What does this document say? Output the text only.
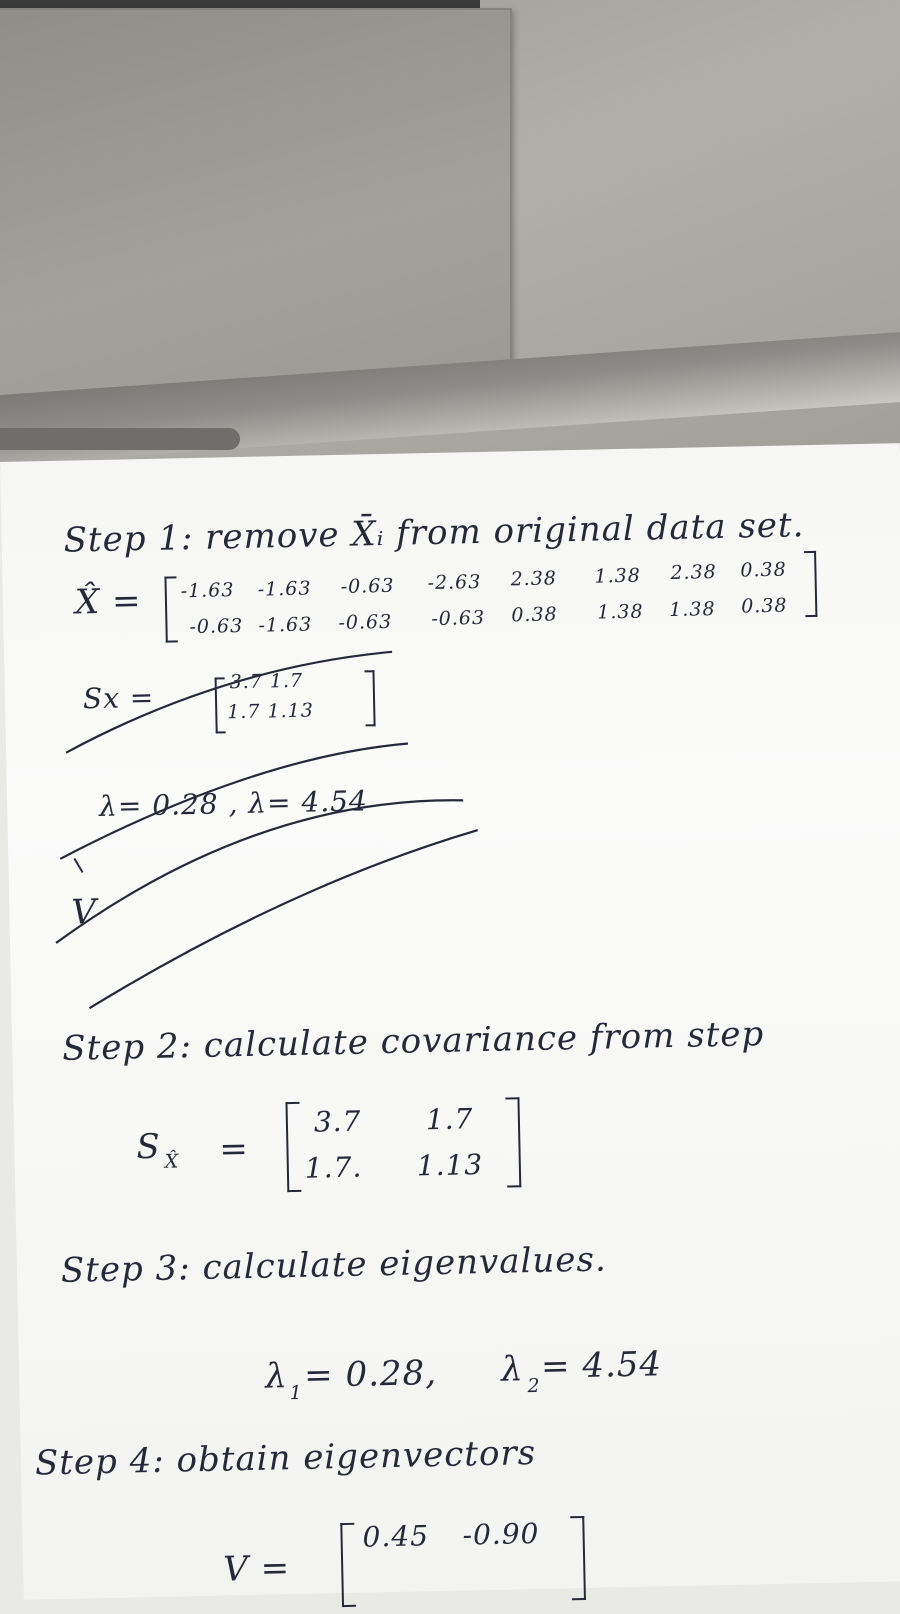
Step 1: remove X̄ᵢ from original data set.
X̂ = -1.63 -1.63 -0.63 -2.63 2.38 1.38 2.38 0.38
-0.63 -1.63 -0.63 -0.63 0.38 1.38 1.38 0.38
Sx =	3.7 1.7
1.7 1.13
λ= 0.28 , λ= 4.54
V
Step 2: calculate covariance from step
S X̂ =
3.7 1.7
1.7. 1.13
Step 3: calculate eigenvalues.
λ 1 = 0.28, λ 2 = 4.54
Step 4: obtain eigenvectors
V =
0.45 -0.90
